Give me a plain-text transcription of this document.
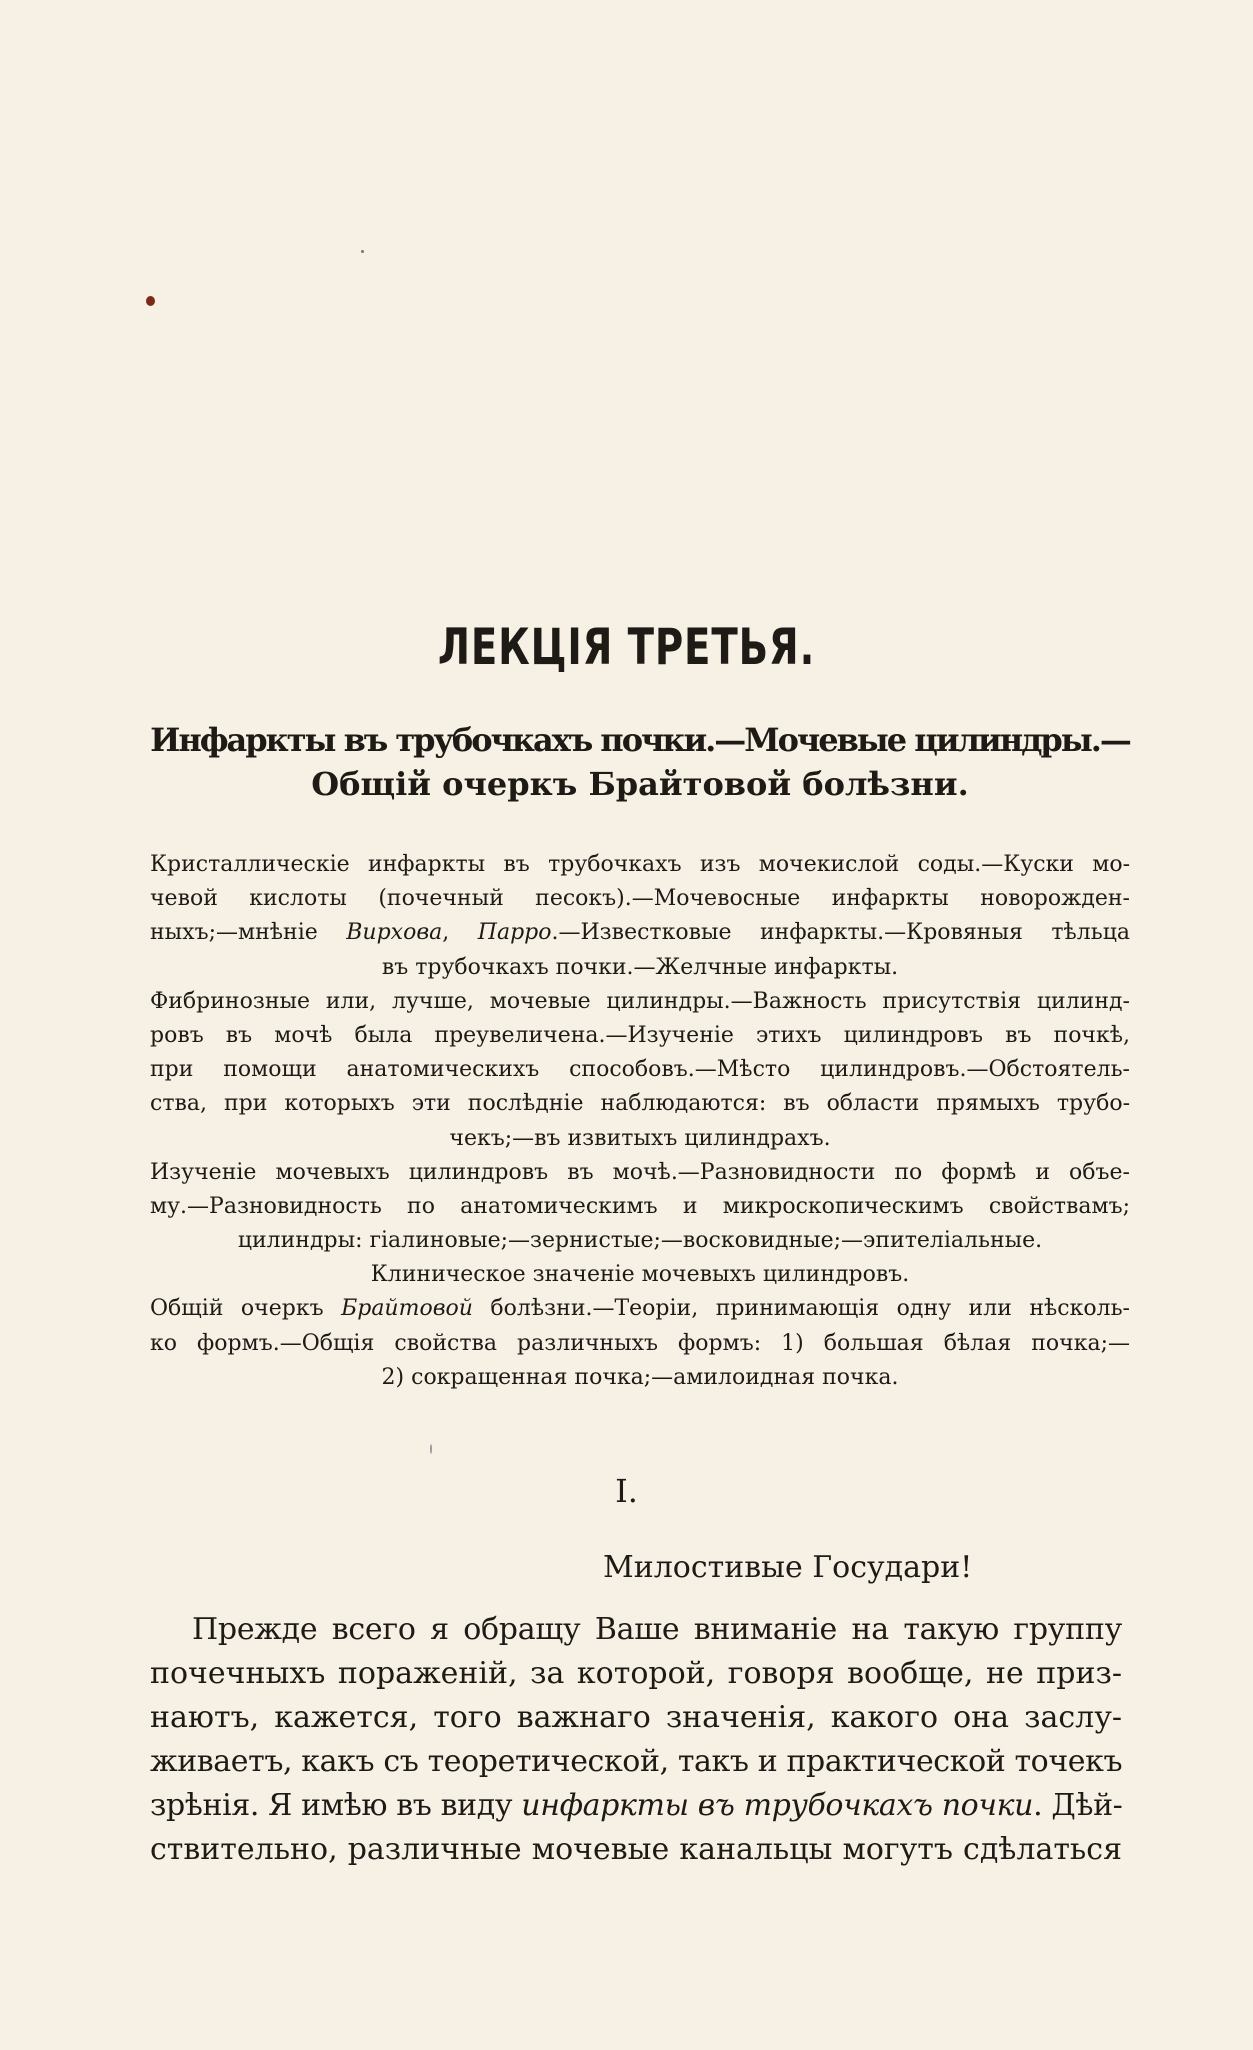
ЛЕКЦІЯ ТРЕТЬЯ.
Инфаркты въ трубочкахъ почки.—Мочевые цилиндры.—
Общій очеркъ Брайтовой болѣзни.
Кристаллическіе инфаркты въ трубочкахъ изъ мочекислой соды.—Куски мо-
чевой кислоты (почечный песокъ).—Мочевосные инфаркты новорожден-
ныхъ;—мнѣніе Вирхова, Парро.—Известковые инфаркты.—Кровяныя тѣльца
въ трубочкахъ почки.—Желчные инфаркты.
Фибринозные или, лучше, мочевые цилиндры.—Важность присутствія цилинд-
ровъ въ мочѣ была преувеличена.—Изученіе этихъ цилиндровъ въ почкѣ,
при помощи анатомическихъ способовъ.—Мѣсто цилиндровъ.—Обстоятель-
ства, при которыхъ эти послѣдніе наблюдаются: въ области прямыхъ трубо-
чекъ;—въ извитыхъ цилиндрахъ.
Изученіе мочевыхъ цилиндровъ въ мочѣ.—Разновидности по формѣ и объе-
му.—Разновидность по анатомическимъ и микроскопическимъ свойствамъ;
цилиндры: гіалиновые;—зернистые;—восковидные;—эпителіальные.
Клиническое значеніе мочевыхъ цилиндровъ.
Общій очеркъ Брайтовой болѣзни.—Теоріи, принимающія одну или нѣсколь-
ко формъ.—Общія свойства различныхъ формъ: 1) большая бѣлая почка;—
2) сокращенная почка;—амилоидная почка.
I.
Милостивые Государи!
Прежде всего я обращу Ваше вниманіе на такую группу
почечныхъ пораженій, за которой, говоря вообще, не приз-
наютъ, кажется, того важнаго значенія, какого она заслу-
живаетъ, какъ съ теоретической, такъ и практической точекъ
зрѣнія. Я имѣю въ виду инфаркты въ трубочкахъ почки. Дѣй-
ствительно, различные мочевые канальцы могутъ сдѣлаться
